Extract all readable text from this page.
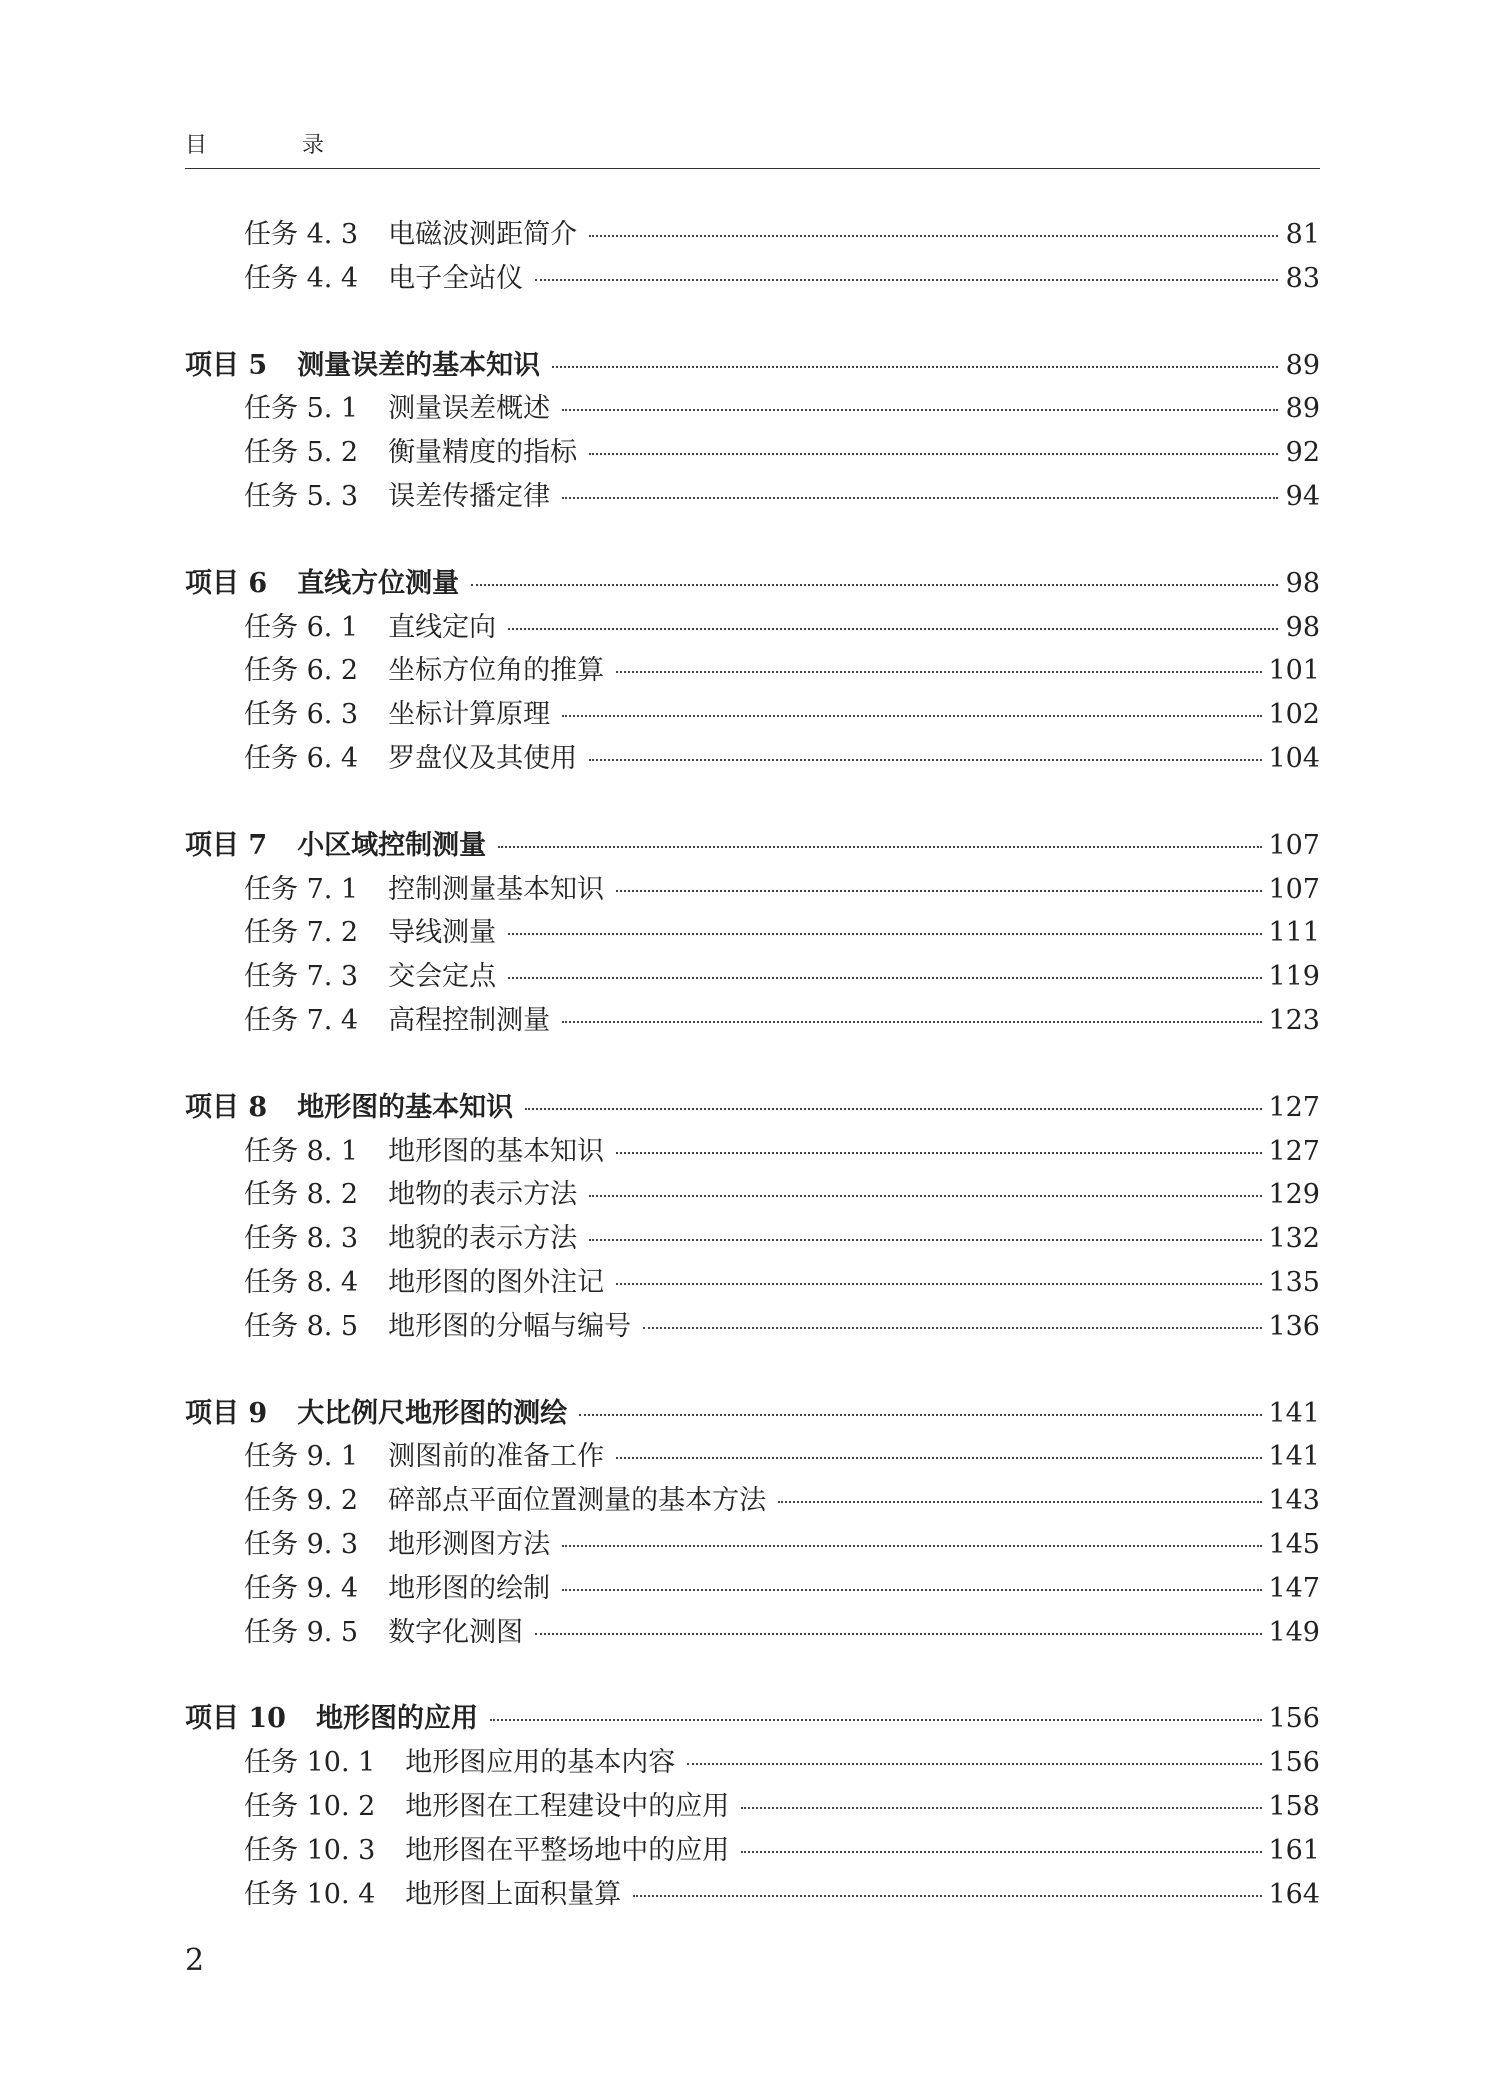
目 录
任务 4. 3 电磁波测距简介	81
任务 4. 4 电子全站仪	83
项目 5 测量误差的基本知识	89
任务 5. 1 测量误差概述	89
任务 5. 2 衡量精度的指标	92
任务 5. 3 误差传播定律	94
项目 6 直线方位测量	98
任务 6. 1 直线定向	98
任务 6. 2 坐标方位角的推算	101
任务 6. 3 坐标计算原理	102
任务 6. 4 罗盘仪及其使用	104
项目 7 小区域控制测量	107
任务 7. 1 控制测量基本知识	107
任务 7. 2 导线测量	111
任务 7. 3 交会定点	119
任务 7. 4 高程控制测量	123
项目 8 地形图的基本知识	127
任务 8. 1 地形图的基本知识	127
任务 8. 2 地物的表示方法	129
任务 8. 3 地貌的表示方法	132
任务 8. 4 地形图的图外注记	135
任务 8. 5 地形图的分幅与编号	136
项目 9 大比例尺地形图的测绘	141
任务 9. 1 测图前的准备工作	141
任务 9. 2 碎部点平面位置测量的基本方法	143
任务 9. 3 地形测图方法	145
任务 9. 4 地形图的绘制	147
任务 9. 5 数字化测图	149
项目 10 地形图的应用	156
任务 10. 1 地形图应用的基本内容	156
任务 10. 2 地形图在工程建设中的应用	158
任务 10. 3 地形图在平整场地中的应用	161
任务 10. 4 地形图上面积量算	164
2
